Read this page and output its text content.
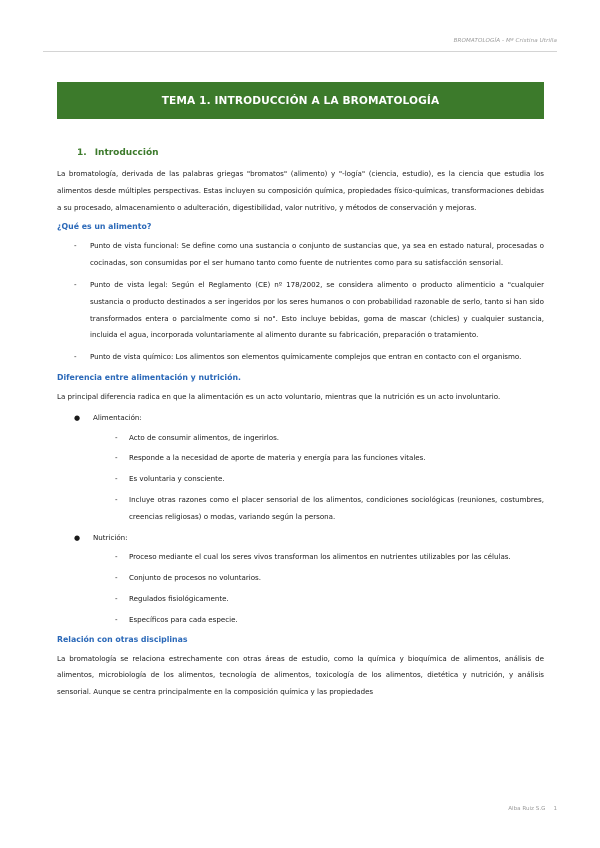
BROMATOLOGÍA - Mª Cristina Utrilla
TEMA 1. INTRODUCCIÓN A LA BROMATOLOGÍA
1. Introducción

La bromatología, derivada de las palabras griegas "bromatos" (alimento) y "-logía" (ciencia, estudio), es la ciencia que estudia los alimentos desde múltiples perspectivas. Estas incluyen su composición química, propiedades físico-químicas, transformaciones debidas a su procesado, almacenamiento o adulteración, digestibilidad, valor nutritivo, y métodos de conservación y mejoras.

¿Qué es un alimento?
- Punto de vista funcional: Se define como una sustancia o conjunto de sustancias que, ya sea en estado natural, procesadas o cocinadas, son consumidas por el ser humano tanto como fuente de nutrientes como para su satisfacción sensorial.
- Punto de vista legal: Según el Reglamento (CE) nº 178/2002, se considera alimento o producto alimenticio a "cualquier sustancia o producto destinados a ser ingeridos por los seres humanos o con probabilidad razonable de serlo, tanto si han sido transformados entera o parcialmente como si no". Esto incluye bebidas, goma de mascar (chicles) y cualquier sustancia, incluida el agua, incorporada voluntariamente al alimento durante su fabricación, preparación o tratamiento.
- Punto de vista químico: Los alimentos son elementos químicamente complejos que entran en contacto con el organismo.
Diferencia entre alimentación y nutrición.

La principal diferencia radica en que la alimentación es un acto voluntario, mientras que la nutrición es un acto involuntario.

● Alimentación:
- Acto de consumir alimentos, de ingerirlos.
- Responde a la necesidad de aporte de materia y energía para las funciones vitales.
- Es voluntaria y consciente.
- Incluye otras razones como el placer sensorial de los alimentos, condiciones sociológicas (reuniones, costumbres, creencias religiosas) o modas, variando según la persona.
● Nutrición:
- Proceso mediante el cual los seres vivos transforman los alimentos en nutrientes utilizables por las células.
- Conjunto de procesos no voluntarios.
- Regulados fisiológicamente.
- Específicos para cada especie.
Relación con otras disciplinas

La bromatología se relaciona estrechamente con otras áreas de estudio, como la química y bioquímica de alimentos, análisis de alimentos, microbiología de los alimentos, tecnología de alimentos, toxicología de los alimentos, dietética y nutrición, y análisis sensorial. Aunque se centra principalmente en la composición química y las propiedades

Alba Ruiz S.G 1
